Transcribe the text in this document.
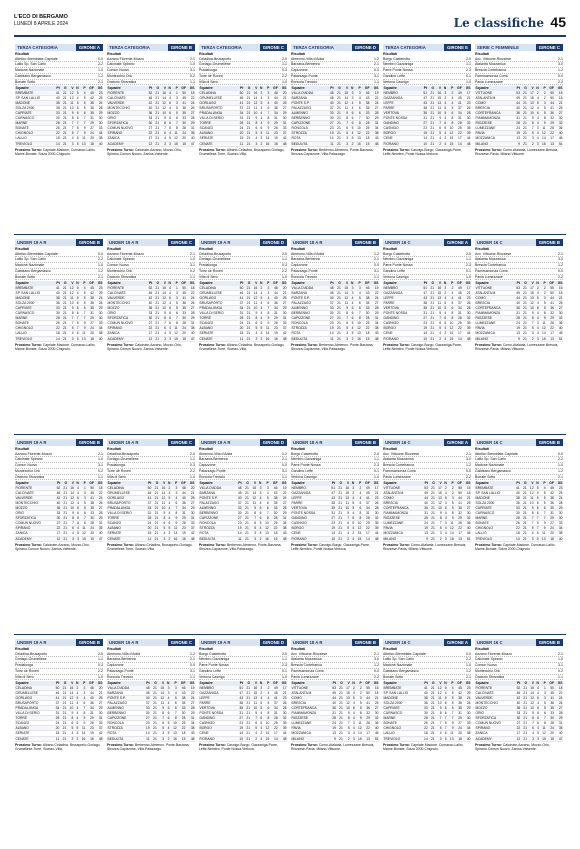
L'ECO DI BERGAMO
LUNEDÌ 8 APRILE 2024	Le classifiche 45
TERZA CATEGORIA	GIRONE A
Risultati
Atletico Bremblate-Capriate	0-0
Lallio Sp. San Carlo	2-2
Madone Nazionale	1-0
Gabbiano Bergamasco	1-2
Bonate Sotto	2-1
Squadre	Pt	G	V	N	P	GF	GS
BREMBATE	41	21	12	5	4	45	23
SP. SAN LALLIO	40	21	12	4	5	42	25
MADONE	38	21	11	5	5	38	24
SOLZA 2000	36	21	10	6	5	36	28
CAPRIATE	33	21	9	6	6	35	29
CURNASCO	30	21	8	6	7	31	30
MARNE	28	21	7	7	7	29	30
BONATE	26	21	7	5	9	27	33
CHIGNOLO	22	21	5	7	9	24	34
LALLIO	18	21	4	6	11	20	38
TREVIOLO	14	21	3	5	13	18	40
Prossimo Turno: Capriate-Madone, Curnasco-Lallio, Marne-Bonate, Solza 2000-Chignolo.
TERZA CATEGORIA	GIRONE B
Risultati
Azzano Fiorente-Mozzo	2-1
Calcinate Spirano	1-0
Comun Nuovo	3-1
Montecchio Orio	0-2
Oratorio Sforzatica	1-1
Squadre	Pt	G	V	N	P	GF	GS
FIORENTE	52	21	16	4	1	50	18
CALCINATE	46	21	14	4	3	45	22
VALVERDE	42	21	12	6	3	41	24
MONTECCHIO	40	21	12	4	5	38	26
MOZZO	36	21	10	6	5	35	27
ORIO	33	21	9	6	6	33	28
SFORZATICA	30	21	8	6	7	30	29
COMUN NUOVO	27	21	7	6	8	28	31
SPIRANO	22	21	6	4	11	24	35
ZANICA	17	21	4	5	12	20	40
ACADEMY	12	21	3	3	15	15	47
Prossimo Turno: Calcinate-Azzano, Mozzo-Orio, Spirano-Comun Nuovo, Zanica-Valverde.
TERZA CATEGORIA	GIRONE C
Risultati
Celadina-Brusaporto	2-0
Gorlago-Grumellese	1-1
Pradalunga	0-3
Torre de Roveri	2-2
Villa di Serio	1-0
Squadre	Pt	G	V	N	P	GF	GS
CELADINA	50	21	16	2	3	48	20
GRUMELLESE	46	21	14	4	3	44	21
GORLAGO	41	21	12	5	4	40	25
BRUSAPORTO	37	21	11	4	6	36	27
PRADALUNGA	34	21	10	4	7	34	29
VILLA DI SERIO	31	21	9	4	8	31	30
TORRE	28	21	8	4	9	29	31
SCANZO	24	21	6	6	9	26	33
ALBANO	20	21	5	5	11	23	37
SERIATE	15	21	4	3	14	19	42
CENATE	11	21	3	2	16	16	48
Prossimo Turno: Albano-Celadina, Brusaporto-Gorlago, Grumellese-Torre, Scanzo-Villa.
TERZA CATEGORIA	GIRONE D
Risultati
Almenno-Villa d'Adda	1-2
Barzana-Berbenno	2-1
Capizzone	0-0
Palazzago-Ponte	3-1
Roncola Treviolo	1-1
Squadre	Pt	G	V	N	P	GF	GS
VILLA D'ADDA	48	21	15	3	3	46	19
BARZANA	45	21	14	3	4	43	22
PONTE S.P.	40	21	12	4	5	38	24
PALAZZAGO	37	21	11	4	6	35	27
ALMENNO	33	21	9	6	6	33	28
BERBENNO	30	21	8	6	7	30	29
CAPIZZONE	27	21	7	6	8	28	31
RONCOLA	23	21	6	5	10	25	34
STROZZA	19	21	5	4	12	22	38
ROTA	14	21	3	5	13	18	43
BEDULITA	11	21	3	2	16	15	48
Prossimo Turno: Berbenno-Almenno, Ponte-Barzana, Strozza-Capizzone, Villa-Palazzago.
TERZA CATEGORIA	GIRONE E
Risultati
Borgo Castelrotto	2-0
Nembro Gazzaniga	1-1
Parre Ponte Nossa	2-3
Gandino Leffe	0-1
Vertova Casnigo	1-0
Squadre	Pt	G	V	N	P	GF	GS
NEMBRO	51	21	16	3	2	49	17
GAZZANIGA	47	21	15	2	4	45	21
LEFFE	43	21	13	4	4	41	23
PARRE	38	21	11	5	5	37	26
VERTOVA	35	21	10	5	6	34	28
PONTE NOSSA	31	21	9	4	8	31	30
GANDINO	27	21	7	6	8	28	32
CASNIGO	23	21	6	5	10	25	35
BORGO	19	21	5	4	12	22	39
CENE	14	21	4	2	15	17	44
FIORANO	10	21	2	4	15	14	48
Prossimo Turno: Casnigo-Borgo, Gazzaniga-Parre, Leffe-Nembro, Ponte Nossa-Vertova.
SERIE C FEMMINILE	GIRONE C
Risultati
Acc. Vittuone-Riozzese	2-1
Atalanta Mozzanica	3-0
Brescia Cortefranca	1-2
Fiammamonza Como	0-0
Pavia Lumezzane	2-2
Squadre	Pt	G	V	N	P	GF	GS
VITTUONE	53	21	17	2	2	55	15
ATALANTA M.	49	21	15	4	2	50	18
COMO	44	21	13	5	3	44	21
BRESCIA	40	21	12	4	5	41	25
CORTEFRANCA	36	21	10	6	5	36	27
FIAMMAMONZA	31	21	9	4	8	32	30
RIOZZESE	28	21	8	4	9	29	32
LUMEZZANE	24	21	7	3	11	26	36
PAVIA	19	21	5	4	12	22	40
MOZZANICA	13	21	3	4	14	17	46
MILANO	9	21	2	3	16	13	51
Prossimo Turno: Como-Atalanta, Lumezzane-Brescia, Riozzese-Pavia, Milano-Vittuone.
UNDER 19 A R	GIRONE B
Risultati
Atletico Bremblate-Capriate	0-0
Lallio Sp. San Carlo	2-2
Madone Nazionale	1-0
Gabbiano Bergamasco	1-2
Bonate Sotto	2-1
Squadre	Pt	G	V	N	P	GF	GS
BREMBATE	41	21	12	5	4	45	23
SP. SAN LALLIO	40	21	12	4	5	42	25
MADONE	38	21	11	5	5	38	24
SOLZA 2000	36	21	10	6	5	36	28
CAPRIATE	33	21	9	6	6	35	29
CURNASCO	30	21	8	6	7	31	30
MARNE	28	21	7	7	7	29	30
BONATE	26	21	7	5	9	27	33
CHIGNOLO	22	21	5	7	9	24	34
LALLIO	18	21	4	6	11	20	38
TREVIOLO	14	21	3	5	13	18	40
Prossimo Turno: Capriate-Madone, Curnasco-Lallio, Marne-Bonate, Solza 2000-Chignolo.
UNDER 19 A R	GIRONE C
Risultati
Azzano Fiorente-Mozzo	2-1
Calcinate Spirano	1-0
Comun Nuovo	3-1
Montecchio Orio	0-2
Oratorio Sforzatica	1-1
Squadre	Pt	G	V	N	P	GF	GS
FIORENTE	52	21	16	4	1	50	18
CALCINATE	46	21	14	4	3	45	22
VALVERDE	42	21	12	6	3	41	24
MONTECCHIO	40	21	12	4	5	38	26
MOZZO	36	21	10	6	5	35	27
ORIO	33	21	9	6	6	33	28
SFORZATICA	30	21	8	6	7	30	29
COMUN NUOVO	27	21	7	6	8	28	31
SPIRANO	22	21	6	4	11	24	35
ZANICA	17	21	4	5	12	20	40
ACADEMY	12	21	3	3	15	15	47
Prossimo Turno: Calcinate-Azzano, Mozzo-Orio, Spirano-Comun Nuovo, Zanica-Valverde.
UNDER 19 A R	GIRONE D
Risultati
Celadina-Brusaporto	2-0
Gorlago-Grumellese	1-1
Pradalunga	0-3
Torre de Roveri	2-2
Villa di Serio	1-0
Squadre	Pt	G	V	N	P	GF	GS
CELADINA	50	21	16	2	3	48	20
GRUMELLESE	46	21	14	4	3	44	21
GORLAGO	41	21	12	5	4	40	25
BRUSAPORTO	37	21	11	4	6	36	27
PRADALUNGA	34	21	10	4	7	34	29
VILLA DI SERIO	31	21	9	4	8	31	30
TORRE	28	21	8	4	9	29	31
SCANZO	24	21	6	6	9	26	33
ALBANO	20	21	5	5	11	23	37
SERIATE	15	21	4	3	14	19	42
CENATE	11	21	3	2	16	16	48
Prossimo Turno: Albano-Celadina, Brusaporto-Gorlago, Grumellese-Torre, Scanzo-Villa.
UNDER 18 A R	GIRONE B
Risultati
Almenno-Villa d'Adda	1-2
Barzana-Berbenno	2-1
Capizzone	0-0
Palazzago-Ponte	3-1
Roncola Treviolo	1-1
Squadre	Pt	G	V	N	P	GF	GS
VILLA D'ADDA	48	21	15	3	3	46	19
BARZANA	45	21	14	3	4	43	22
PONTE S.P.	40	21	12	4	5	38	24
PALAZZAGO	37	21	11	4	6	35	27
ALMENNO	33	21	9	6	6	33	28
BERBENNO	30	21	8	6	7	30	29
CAPIZZONE	27	21	7	6	8	28	31
RONCOLA	23	21	6	5	10	25	34
STROZZA	19	21	5	4	12	22	38
ROTA	14	21	3	5	13	18	43
BEDULITA	11	21	3	2	16	15	48
Prossimo Turno: Berbenno-Almenno, Ponte-Barzana, Strozza-Capizzone, Villa-Palazzago.
UNDER 16 C	GIRONE A
Risultati
Borgo Castelrotto	2-0
Nembro Gazzaniga	1-1
Parre Ponte Nossa	2-3
Gandino Leffe	0-1
Vertova Casnigo	1-0
Squadre	Pt	G	V	N	P	GF	GS
NEMBRO	51	21	16	3	2	49	17
GAZZANIGA	47	21	15	2	4	45	21
LEFFE	43	21	13	4	4	41	23
PARRE	38	21	11	5	5	37	26
VERTOVA	35	21	10	5	6	34	28
PONTE NOSSA	31	21	9	4	8	31	30
GANDINO	27	21	7	6	8	28	32
CASNIGO	23	21	6	5	10	25	35
BORGO	19	21	5	4	12	22	39
CENE	14	21	4	2	15	17	44
FIORANO	10	21	2	4	15	14	48
Prossimo Turno: Casnigo-Borgo, Gazzaniga-Parre, Leffe-Nembro, Ponte Nossa-Vertova.
UNDER 16 C	GIRONE B
Risultati
Acc. Vittuone-Riozzese	2-1
Atalanta Mozzanica	3-0
Brescia Cortefranca	1-2
Fiammamonza Como	0-0
Pavia Lumezzane	2-2
Squadre	Pt	G	V	N	P	GF	GS
VITTUONE	53	21	17	2	2	55	15
ATALANTA M.	49	21	15	4	2	50	18
COMO	44	21	13	5	3	44	21
BRESCIA	40	21	12	4	5	41	25
CORTEFRANCA	36	21	10	6	5	36	27
FIAMMAMONZA	31	21	9	4	8	32	30
RIOZZESE	28	21	8	4	9	29	32
LUMEZZANE	24	21	7	3	11	26	36
PAVIA	19	21	5	4	12	22	40
MOZZANICA	13	21	3	4	14	17	46
MILANO	9	21	2	3	16	13	51
Prossimo Turno: Como-Atalanta, Lumezzane-Brescia, Riozzese-Pavia, Milano-Vittuone.
UNDER 19 A R	GIRONE B
Risultati
Azzano Fiorente-Mozzo	2-1
Calcinate Spirano	1-0
Comun Nuovo	3-1
Montecchio Orio	0-2
Oratorio Sforzatica	1-1
Squadre	Pt	G	V	N	P	GF	GS
FIORENTE	52	21	16	4	1	50	18
CALCINATE	46	21	14	4	3	45	22
VALVERDE	42	21	12	6	3	41	24
MONTECCHIO	40	21	12	4	5	38	26
MOZZO	36	21	10	6	5	35	27
ORIO	33	21	9	6	6	33	28
SFORZATICA	30	21	8	6	7	30	29
COMUN NUOVO	27	21	7	6	8	28	31
SPIRANO	22	21	6	4	11	24	35
ZANICA	17	21	4	5	12	20	40
ACADEMY	12	21	3	3	15	15	47
Prossimo Turno: Calcinate-Azzano, Mozzo-Orio, Spirano-Comun Nuovo, Zanica-Valverde.
UNDER 19 A R	GIRONE C
Risultati
Celadina-Brusaporto	2-0
Gorlago-Grumellese	1-1
Pradalunga	0-3
Torre de Roveri	2-2
Villa di Serio	1-0
Squadre	Pt	G	V	N	P	GF	GS
CELADINA	50	21	16	2	3	48	20
GRUMELLESE	46	21	14	4	3	44	21
GORLAGO	41	21	12	5	4	40	25
BRUSAPORTO	37	21	11	4	6	36	27
PRADALUNGA	34	21	10	4	7	34	29
VILLA DI SERIO	31	21	9	4	8	31	30
TORRE	28	21	8	4	9	29	31
SCANZO	24	21	6	6	9	26	33
ALBANO	20	21	5	5	11	23	37
SERIATE	15	21	4	3	14	19	42
CENATE	11	21	3	2	16	16	48
Prossimo Turno: Albano-Celadina, Brusaporto-Gorlago, Grumellese-Torre, Scanzo-Villa.
UNDER 19 A R	GIRONE D
Risultati
Almenno-Villa d'Adda	1-2
Barzana-Berbenno	2-1
Capizzone	0-0
Palazzago-Ponte	3-1
Roncola Treviolo	1-1
Squadre	Pt	G	V	N	P	GF	GS
VILLA D'ADDA	48	21	15	3	3	46	19
BARZANA	45	21	14	3	4	43	22
PONTE S.P.	40	21	12	4	5	38	24
PALAZZAGO	37	21	11	4	6	35	27
ALMENNO	33	21	9	6	6	33	28
BERBENNO	30	21	8	6	7	30	29
CAPIZZONE	27	21	7	6	8	28	31
RONCOLA	23	21	6	5	10	25	34
STROZZA	19	21	5	4	12	22	38
ROTA	14	21	3	5	13	18	43
BEDULITA	11	21	3	2	16	15	48
Prossimo Turno: Berbenno-Almenno, Ponte-Barzana, Strozza-Capizzone, Villa-Palazzago.
UNDER 18 A R	GIRONE B
Risultati
Borgo Castelrotto	2-0
Nembro Gazzaniga	1-1
Parre Ponte Nossa	2-3
Gandino Leffe	0-1
Vertova Casnigo	1-0
Squadre	Pt	G	V	N	P	GF	GS
NEMBRO	51	21	16	3	2	49	17
GAZZANIGA	47	21	15	2	4	45	21
LEFFE	43	21	13	4	4	41	23
PARRE	38	21	11	5	5	37	26
VERTOVA	35	21	10	5	6	34	28
PONTE NOSSA	31	21	9	4	8	31	30
GANDINO	27	21	7	6	8	28	32
CASNIGO	23	21	6	5	10	25	35
BORGO	19	21	5	4	12	22	39
CENE	14	21	4	2	15	17	44
FIORANO	10	21	2	4	15	14	48
Prossimo Turno: Casnigo-Borgo, Gazzaniga-Parre, Leffe-Nembro, Ponte Nossa-Vertova.
UNDER 16 C	GIRONE A
Risultati
Acc. Vittuone-Riozzese	2-1
Atalanta Mozzanica	3-0
Brescia Cortefranca	1-2
Fiammamonza Como	0-0
Pavia Lumezzane	2-2
Squadre	Pt	G	V	N	P	GF	GS
VITTUONE	53	21	17	2	2	55	15
ATALANTA M.	49	21	15	4	2	50	18
COMO	44	21	13	5	3	44	21
BRESCIA	40	21	12	4	5	41	25
CORTEFRANCA	36	21	10	6	5	36	27
FIAMMAMONZA	31	21	9	4	8	32	30
RIOZZESE	28	21	8	4	9	29	32
LUMEZZANE	24	21	7	3	11	26	36
PAVIA	19	21	5	4	12	22	40
MOZZANICA	13	21	3	4	14	17	46
MILANO	9	21	2	3	16	13	51
Prossimo Turno: Como-Atalanta, Lumezzane-Brescia, Riozzese-Pavia, Milano-Vittuone.
UNDER 16 C	GIRONE B
Risultati
Atletico Bremblate-Capriate	0-0
Lallio Sp. San Carlo	2-2
Madone Nazionale	1-0
Gabbiano Bergamasco	1-2
Bonate Sotto	2-1
Squadre	Pt	G	V	N	P	GF	GS
BREMBATE	41	21	12	5	4	45	23
SP. SAN LALLIO	40	21	12	4	5	42	25
MADONE	38	21	11	5	5	38	24
SOLZA 2000	36	21	10	6	5	36	28
CAPRIATE	33	21	9	6	6	35	29
CURNASCO	30	21	8	6	7	31	30
MARNE	28	21	7	7	7	29	30
BONATE	26	21	7	5	9	27	33
CHIGNOLO	22	21	5	7	9	24	34
LALLIO	18	21	4	6	11	20	38
TREVIOLO	14	21	3	5	13	18	40
Prossimo Turno: Capriate-Madone, Curnasco-Lallio, Marne-Bonate, Solza 2000-Chignolo.
UNDER 19 A R	GIRONE B
Risultati
Celadina-Brusaporto	2-0
Gorlago-Grumellese	1-1
Pradalunga	0-3
Torre de Roveri	2-2
Villa di Serio	1-0
Squadre	Pt	G	V	N	P	GF	GS
CELADINA	50	21	16	2	3	48	20
GRUMELLESE	46	21	14	4	3	44	21
GORLAGO	41	21	12	5	4	40	25
BRUSAPORTO	37	21	11	4	6	36	27
PRADALUNGA	34	21	10	4	7	34	29
VILLA DI SERIO	31	21	9	4	8	31	30
TORRE	28	21	8	4	9	29	31
SCANZO	24	21	6	6	9	26	33
ALBANO	20	21	5	5	11	23	37
SERIATE	15	21	4	3	14	19	42
CENATE	11	21	3	2	16	16	48
Prossimo Turno: Albano-Celadina, Brusaporto-Gorlago, Grumellese-Torre, Scanzo-Villa.
UNDER 19 A R	GIRONE C
Risultati
Almenno-Villa d'Adda	1-2
Barzana-Berbenno	2-1
Capizzone	0-0
Palazzago-Ponte	3-1
Roncola Treviolo	1-1
Squadre	Pt	G	V	N	P	GF	GS
VILLA D'ADDA	48	21	15	3	3	46	19
BARZANA	45	21	14	3	4	43	22
PONTE S.P.	40	21	12	4	5	38	24
PALAZZAGO	37	21	11	4	6	35	27
ALMENNO	33	21	9	6	6	33	28
BERBENNO	30	21	8	6	7	30	29
CAPIZZONE	27	21	7	6	8	28	31
RONCOLA	23	21	6	5	10	25	34
STROZZA	19	21	5	4	12	22	38
ROTA	14	21	3	5	13	18	43
BEDULITA	11	21	3	2	16	15	48
Prossimo Turno: Berbenno-Almenno, Ponte-Barzana, Strozza-Capizzone, Villa-Palazzago.
UNDER 19 A R	GIRONE D
Risultati
Borgo Castelrotto	2-0
Nembro Gazzaniga	1-1
Parre Ponte Nossa	2-3
Gandino Leffe	0-1
Vertova Casnigo	1-0
Squadre	Pt	G	V	N	P	GF	GS
NEMBRO	51	21	16	3	2	49	17
GAZZANIGA	47	21	15	2	4	45	21
LEFFE	43	21	13	4	4	41	23
PARRE	38	21	11	5	5	37	26
VERTOVA	35	21	10	5	6	34	28
PONTE NOSSA	31	21	9	4	8	31	30
GANDINO	27	21	7	6	8	28	32
CASNIGO	23	21	6	5	10	25	35
BORGO	19	21	5	4	12	22	39
CENE	14	21	4	2	15	17	44
FIORANO	10	21	2	4	15	14	48
Prossimo Turno: Casnigo-Borgo, Gazzaniga-Parre, Leffe-Nembro, Ponte Nossa-Vertova.
UNDER 18 A R	GIRONE B
Risultati
Acc. Vittuone-Riozzese	2-1
Atalanta Mozzanica	3-0
Brescia Cortefranca	1-2
Fiammamonza Como	0-0
Pavia Lumezzane	2-2
Squadre	Pt	G	V	N	P	GF	GS
VITTUONE	53	21	17	2	2	55	15
ATALANTA M.	49	21	15	4	2	50	18
COMO	44	21	13	5	3	44	21
BRESCIA	40	21	12	4	5	41	25
CORTEFRANCA	36	21	10	6	5	36	27
FIAMMAMONZA	31	21	9	4	8	32	30
RIOZZESE	28	21	8	4	9	29	32
LUMEZZANE	24	21	7	3	11	26	36
PAVIA	19	21	5	4	12	22	40
MOZZANICA	13	21	3	4	14	17	46
MILANO	9	21	2	3	16	13	51
Prossimo Turno: Como-Atalanta, Lumezzane-Brescia, Riozzese-Pavia, Milano-Vittuone.
UNDER 16 C	GIRONE A
Risultati
Atletico Bremblate-Capriate	0-0
Lallio Sp. San Carlo	2-2
Madone Nazionale	1-0
Gabbiano Bergamasco	1-2
Bonate Sotto	2-1
Squadre	Pt	G	V	N	P	GF	GS
BREMBATE	41	21	12	5	4	45	23
SP. SAN LALLIO	40	21	12	4	5	42	25
MADONE	38	21	11	5	5	38	24
SOLZA 2000	36	21	10	6	5	36	28
CAPRIATE	33	21	9	6	6	35	29
CURNASCO	30	21	8	6	7	31	30
MARNE	28	21	7	7	7	29	30
BONATE	26	21	7	5	9	27	33
CHIGNOLO	22	21	5	7	9	24	34
LALLIO	18	21	4	6	11	20	38
TREVIOLO	14	21	3	5	13	18	40
Prossimo Turno: Capriate-Madone, Curnasco-Lallio, Marne-Bonate, Solza 2000-Chignolo.
UNDER 16 C	GIRONE B
Risultati
Azzano Fiorente-Mozzo	2-1
Calcinate Spirano	1-0
Comun Nuovo	3-1
Montecchio Orio	0-2
Oratorio Sforzatica	1-1
Squadre	Pt	G	V	N	P	GF	GS
FIORENTE	52	21	16	4	1	50	18
CALCINATE	46	21	14	4	3	45	22
VALVERDE	42	21	12	6	3	41	24
MONTECCHIO	40	21	12	4	5	38	26
MOZZO	36	21	10	6	5	35	27
ORIO	33	21	9	6	6	33	28
SFORZATICA	30	21	8	6	7	30	29
COMUN NUOVO	27	21	7	6	8	28	31
SPIRANO	22	21	6	4	11	24	35
ZANICA	17	21	4	5	12	20	40
ACADEMY	12	21	3	3	15	15	47
Prossimo Turno: Calcinate-Azzano, Mozzo-Orio, Spirano-Comun Nuovo, Zanica-Valverde.
